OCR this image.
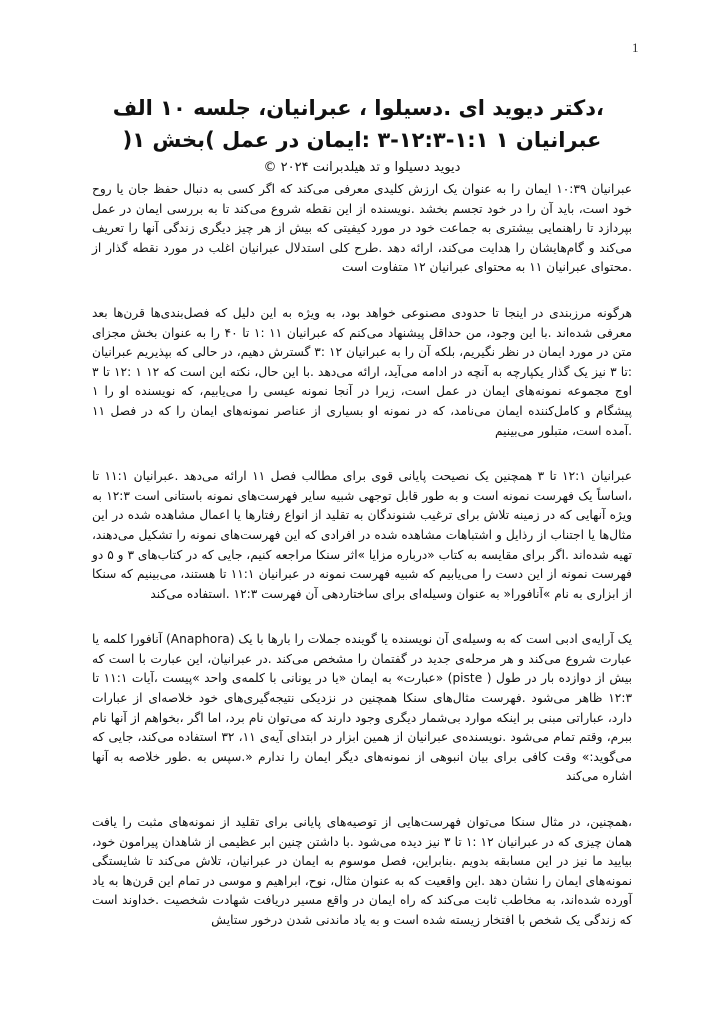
1

،دکتر دیوید ای .دسیلوا ، عبرانیان، جلسه ۱۰ الف

عبرانیان ۱ ۱:۱-۱۲:۳-۳ :ایمان در عمل )بخش ۱(

دیوید دسیلوا و تد هیلدبرانت ۲۰۲۴ ©

عبرانیان ۱۰:۳۹ ایمان را به عنوان یک ارزش کلیدی معرفی می‌کند که اگر کسی به دنبال حفظ جان یا روح خود است، باید آن را در خود تجسم بخشد .نویسنده از این نقطه شروع می‌کند تا به بررسی ایمان در عمل بپردازد تا راهنمایی بیشتری به جماعت خود در مورد کیفیتی که بیش از هر چیز دیگری زندگی آنها را تعریف می‌کند و گام‌هایشان را هدایت می‌کند، ارائه دهد .طرح کلی استدلال عبرانیان اغلب در مورد نقطه گذار از .محتوای عبرانیان ۱۱ به محتوای عبرانیان ۱۲ متفاوت است

هرگونه مرزبندی در اینجا تا حدودی مصنوعی خواهد بود، به ویژه به این دلیل که فصل‌بندی‌ها قرن‌ها بعد معرفی شده‌اند .با این وجود، من حداقل پیشنهاد می‌کنم که عبرانیان ۱۱ :۱ تا ۴۰ را به عنوان بخش مجزای متن در مورد ایمان در نظر نگیریم، بلکه آن را به عبرانیان ۱۲ :۳ گسترش دهیم، در حالی که بپذیریم عبرانیان :تا ۳ نیز یک گذار یکپارچه به آنچه در ادامه می‌آید، ارائه می‌دهد .با این حال، نکته این است که ۱۲ ۱ :۱۲ تا ۳ اوج مجموعه نمونه‌های ایمان در عمل است، زیرا در آنجا نمونه عیسی را می‌یابیم، که نویسنده او را ۱ پیشگام و کامل‌کننده ایمان می‌نامد، که در نمونه او بسیاری از عناصر نمونه‌های ایمان را که در فصل ۱۱ .آمده است، متبلور می‌بینیم

عبرانیان ۱۲:۱ تا ۳ همچنین یک نصیحت پایانی قوی برای مطالب فصل ۱۱ ارائه می‌دهد .عبرانیان ۱۱:۱ تا ،اساساً یک فهرست نمونه است و به طور قابل توجهی شبیه سایر فهرست‌های نمونه باستانی است ۱۲:۳ به ویژه آنهایی که در زمینه تلاش برای ترغیب شنوندگان به تقلید از انواع رفتارها یا اعمال مشاهده شده در این مثال‌ها یا اجتناب از رذایل و اشتباهات مشاهده شده در افرادی که این فهرست‌های نمونه را تشکیل می‌دهند، تهیه شده‌اند .اگر برای مقایسه به کتاب «درباره مزایا »اثر سنکا مراجعه کنیم، جایی که در کتاب‌های ۳ و ۵ دو فهرست نمونه از این دست را می‌یابیم که شبیه فهرست نمونه در عبرانیان ۱۱:۱ تا هستند، می‌بینیم که سنکا از ابزاری به نام »آنافورا« به عنوان وسیله‌ای برای ساختاردهی آن فهرست ۱۲:۳ .استفاده می‌کند

یک آرایه‌ی ادبی است که به وسیله‌ی آن نویسنده یا گوینده جملات را بارها با یک (Anaphora) آنافورا کلمه یا عبارت شروع می‌کند و هر مرحله‌ی جدید در گفتمان را مشخص می‌کند .در عبرانیان، این عبارت با است که بیش از دوازده بار در طول ( piste) «عبارت» به ایمان «یا در یونانی با کلمه‌ی واحد »پیست ،آیات ۱۱:۱ تا ۱۲:۳ ظاهر می‌شود .فهرست مثال‌های سنکا همچنین در نزدیکی نتیجه‌گیری‌های خود خلاصه‌ای از عبارات دارد، عباراتی مبنی بر اینکه موارد بی‌شمار دیگری وجود دارند که می‌توان نام برد، اما اگر ،بخواهم از آنها نام ببرم، وقتم تمام می‌شود .نویسنده‌ی عبرانیان از همین ابزار در ابتدای آیه‌ی ۱۱، ۳۲ استفاده می‌کند، جایی که می‌گوید:» وقت کافی برای بیان انبوهی از نمونه‌های دیگر ایمان را ندارم «.سپس به .طور خلاصه به آنها اشاره می‌کند

،همچنین، در مثال سنکا می‌توان فهرست‌هایی از توصیه‌های پایانی برای تقلید از نمونه‌های مثبت را یافت همان چیزی که در عبرانیان ۱۲ :۱ تا ۳ نیز دیده می‌شود .با داشتن چنین ابر عظیمی از شاهدان پیرامون خود، بیایید ما نیز در این مسابقه بدویم .بنابراین، فصل موسوم به ایمان در عبرانیان، تلاش می‌کند تا شایستگی نمونه‌های ایمان را نشان دهد .این واقعیت که به عنوان مثال، نوح، ابراهیم و موسی در تمام این قرن‌ها به یاد آورده شده‌اند، به مخاطب ثابت می‌کند که راه ایمان در واقع مسیر دریافت شهادت شخصیت .خداوند است که زندگی یک شخص با افتخار زیسته شده است و به یاد ماندنی شدن درخور ستایش
